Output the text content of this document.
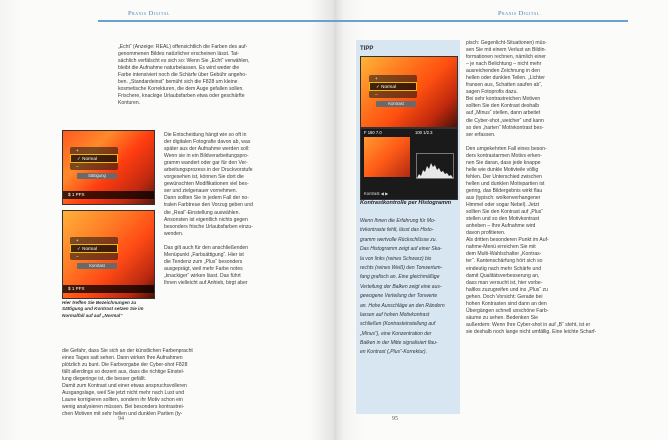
Praxis Digital
„Echt“ (Anzeige: REAL) offensichtlich die Farben des auf-
genommenen Bildes natürlicher erscheinen lässt. Tat-
sächlich verfälscht es sich so: Wenn Sie „Echt“ verwählen,
bleibt die Aufnahme naturbelassen. Es wird weder die
Farbe intensiviert noch die Schärfe über Gebühr angeho-
ben. „Standardeinst“ bemüht sich die F828 um kleine
kosmetische Korrekturen, die dem Auge gefallen sollen.
Frischere, knackige Urlaubsfarben etwa oder geschärfte
Konturen.
Die Entscheidung hängt wie so oft in
der digitalen Fotografie davon ab, was
später aus der Aufnahme werden soll:
Wenn sie in ein Bildverarbeitungspro-
gramm wandert oder gar für den Ver-
arbeitungsprozess in der Druckvorstufe
vorgesehen ist, können Sie dort die
gewünschten Modifikationen viel bes-
ser und zielgenauer vornehmen.
Dann sollten Sie in jedem Fall der no-
tralen Farbtreue den Vorzug geben und
die „Real“-Einstellung auswählen.
Ansonsten ist eigentlich nichts gegen
besonders frische Urlaubsfarben einzu-
wenden.
Das gilt auch für den anschließenden
Menüpunkt „Farbsättigung“. Hier ist
die Tendenz zum „Plus“ besonders
ausgeprägt, weil mehr Farbe notes
„knackiger“ wirken lässt. Das führt
Ihnen vielleicht auf Anhieb, birgt aber
die Gefahr, dass Sie sich an der künstlichen Farbenpracht
eines Tages satt sehen. Dann wirken Ihre Aufnahmen
plötzlich zu bunt. Die Farbvorgabe der Cyber-shot F828
fällt allerdings so dezent aus, dass die richtige Einstel-
lung diegeringe ist, die besser gefällt.
Damit zum Kontrast und einer etwas anspruchsvolleren
Ausgangslage, weil Sie jetzt nicht mehr nach Lust und
Laune korrigieren sollten, sondern ihr Motiv schon ein
wenig analysieren müssen. Bei besonders kontrastrei-
chen Motiven mit sehr hellen und dunklen Partien (ty-
+
✓ Normal
−
Sättigung
$ 1 PFX
+
✓ Normal
−
Kontrast
$ 1 PFX
Hier treffen Sie Bezeichnungen zu Sättigung und Kontrast setzen Sie im Normalfall auf auf „Normal“
94
Praxis Digital
95
TIPP
+
✓ Normal
−
Kontrast
F 160 7.0	100 1/2.3
Kontrast ◀ ▶
Kontrastkontrolle per Histogramm
Wenn Ihnen die Erfahrung für Mo-
tivkontraste fehlt, lässt das Histo-
gramm wertvolle Rückschlüsse zu.
Das Histogramm zeigt auf einer Ska-
la von links (reines Schwarz) bis
rechts (reines Weiß) den Tonwertum-
fang grafisch an. Eine gleichmäßige
Verteilung der Balken zeigt eine aus-
gewogene Verteilung der Tonwerte
an. Hohe Ausschläge an den Rändern
lassen auf hohen Motivkontrast
schließen (Kontrasteinstellung auf
„Minus“), eine Konzentration der
Balken in der Mitte signalisiert flau-
en Kontrast („Plus“-Korrektur).
pisch: Gegenlicht-Situationen) müs-
sen Sie mit einem Verlust an Bildin-
formationen rechnen, nämlich einer
– je nach Belichtung – nicht mehr
ausreichenden Zeichnung in den
hellen oder dunklen Teilen. „Lichter
fransen aus, Schatten saufen ab“,
sagen Fotoprofis dazu.
Bei sehr kontrastreichen Motiven
sollten Sie den Kontrast deshalb
auf „Minus“ stellen, dann arbeitet
die Cyber-shot „weicher“ und kann
so den „harten“ Motivkontrast bes-
ser erfassen.
Den umgekehrten Fall eines beson-
ders kontrastarmen Motivs erken-
nen Sie daran, dass jede knappe
helle wie dunkle Motivteile völlig
fehlen. Der Unterschied zwischen
hellen und dunklen Motivpartien ist
gering, das Bildergebnis wirkt flau
aus (typisch: wolkenverhangener
Himmel oder sogar Nebel). Jetzt
sollten Sie den Kontrast auf „Plus“
stellen und so den Motivkontrast
anheben – Ihre Aufnahme wird
davon profitieren.
Als dritten besonderen Punkt im Auf-
nahme-Menü erreichen Sie mit
dem Multi-Wahlschalter „Kontras-
ter“. Kantenschärfung hört sich so
eindeutig nach mehr Schärfe und
damit Qualitätsverbesserung an,
dass man versucht ist, hier vorbe-
haltlos zuzugreifen und ins „Plus“ zu
gehen. Doch Vorsicht: Gerade bei
hohen Kontrasten sind dann an den
Übergängen schnell unschöne Farb-
säume zu sehen. Bedenken Sie
außerdem: Wenn Ihre Cyber-shot in auf „B“ steht, ist er
sie deshalb noch lange nicht umfällig. Eine leichte Scharf-
